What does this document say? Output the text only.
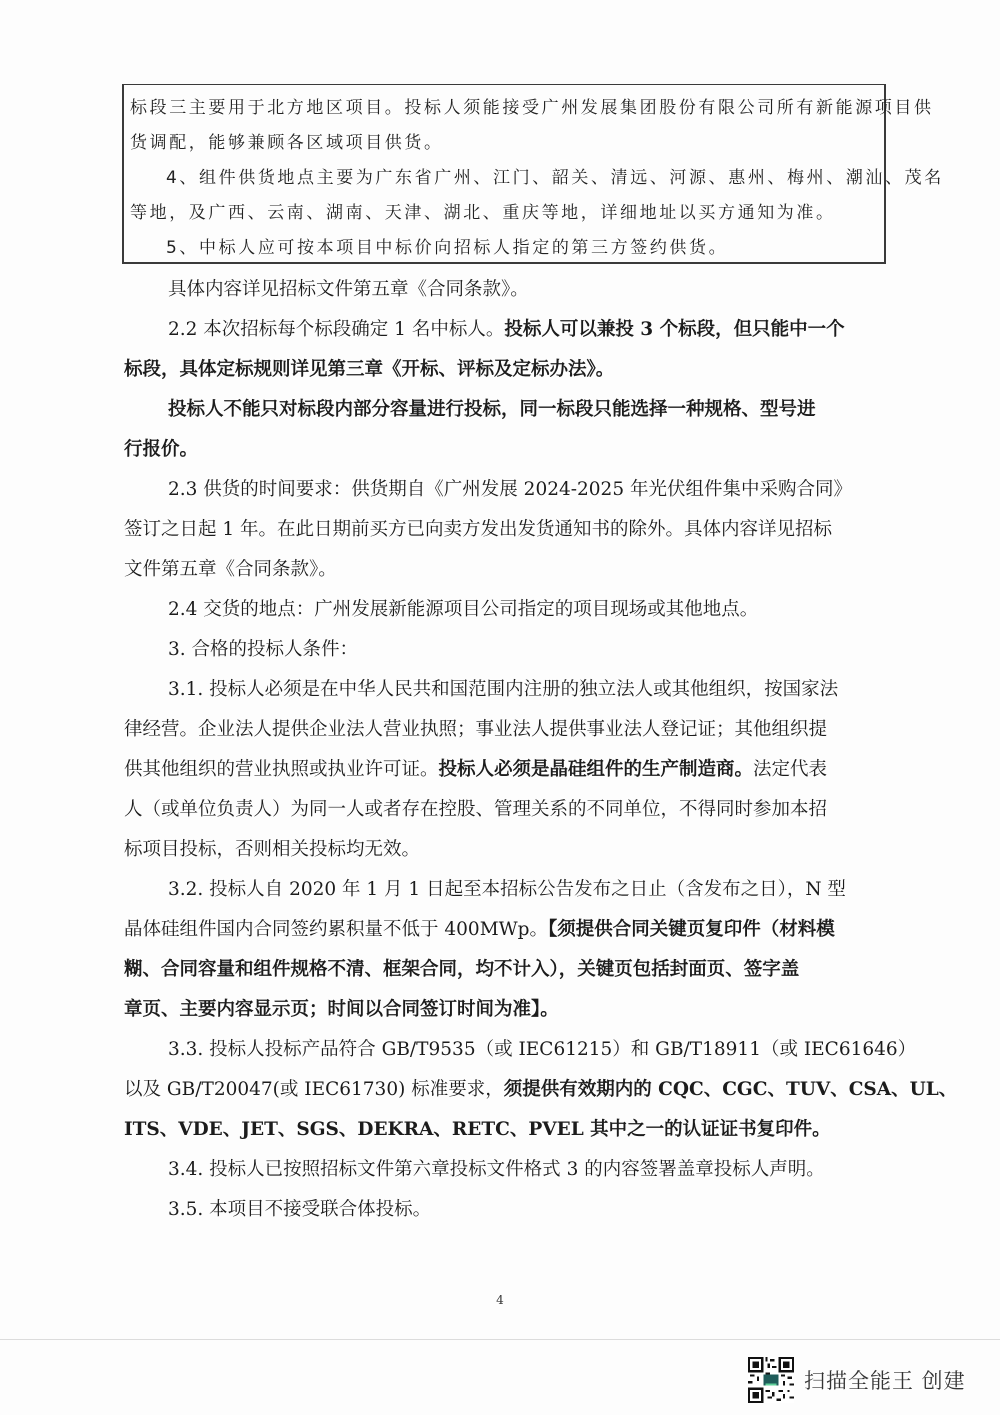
标段三主要用于北方地区项目。投标人须能接受广州发展集团股份有限公司所有新能源项目供
货调配，能够兼顾各区域项目供货。
4、组件供货地点主要为广东省广州、江门、韶关、清远、河源、惠州、梅州、潮汕、茂名
等地，及广西、云南、湖南、天津、湖北、重庆等地，详细地址以买方通知为准。
5、中标人应可按本项目中标价向招标人指定的第三方签约供货。
具体内容详见招标文件第五章《合同条款》。
2.2 本次招标每个标段确定 1 名中标人。投标人可以兼投 3 个标段，但只能中一个
标段，具体定标规则详见第三章《开标、评标及定标办法》。
投标人不能只对标段内部分容量进行投标，同一标段只能选择一种规格、型号进
行报价。
2.3 供货的时间要求：供货期自《广州发展 2024-2025 年光伏组件集中采购合同》
签订之日起 1 年。在此日期前买方已向卖方发出发货通知书的除外。具体内容详见招标
文件第五章《合同条款》。
2.4 交货的地点：广州发展新能源项目公司指定的项目现场或其他地点。
3. 合格的投标人条件：
3.1. 投标人必须是在中华人民共和国范围内注册的独立法人或其他组织，按国家法
律经营。企业法人提供企业法人营业执照；事业法人提供事业法人登记证；其他组织提
供其他组织的营业执照或执业许可证。投标人必须是晶硅组件的生产制造商。法定代表
人（或单位负责人）为同一人或者存在控股、管理关系的不同单位，不得同时参加本招
标项目投标，否则相关投标均无效。
3.2. 投标人自 2020 年 1 月 1 日起至本招标公告发布之日止（含发布之日），N 型
晶体硅组件国内合同签约累积量不低于 400MWp。【须提供合同关键页复印件（材料模
糊、合同容量和组件规格不清、框架合同，均不计入），关键页包括封面页、签字盖
章页、主要内容显示页；时间以合同签订时间为准】。
3.3. 投标人投标产品符合 GB/T9535（或 IEC61215）和 GB/T18911（或 IEC61646）
以及 GB/T20047(或 IEC61730) 标准要求，须提供有效期内的 CQC、CGC、TUV、CSA、UL、
ITS、VDE、JET、SGS、DEKRA、RETC、PVEL 其中之一的认证证书复印件。
3.4. 投标人已按照招标文件第六章投标文件格式 3 的内容签署盖章投标人声明。
3.5. 本项目不接受联合体投标。
4
扫描全能王 创建
